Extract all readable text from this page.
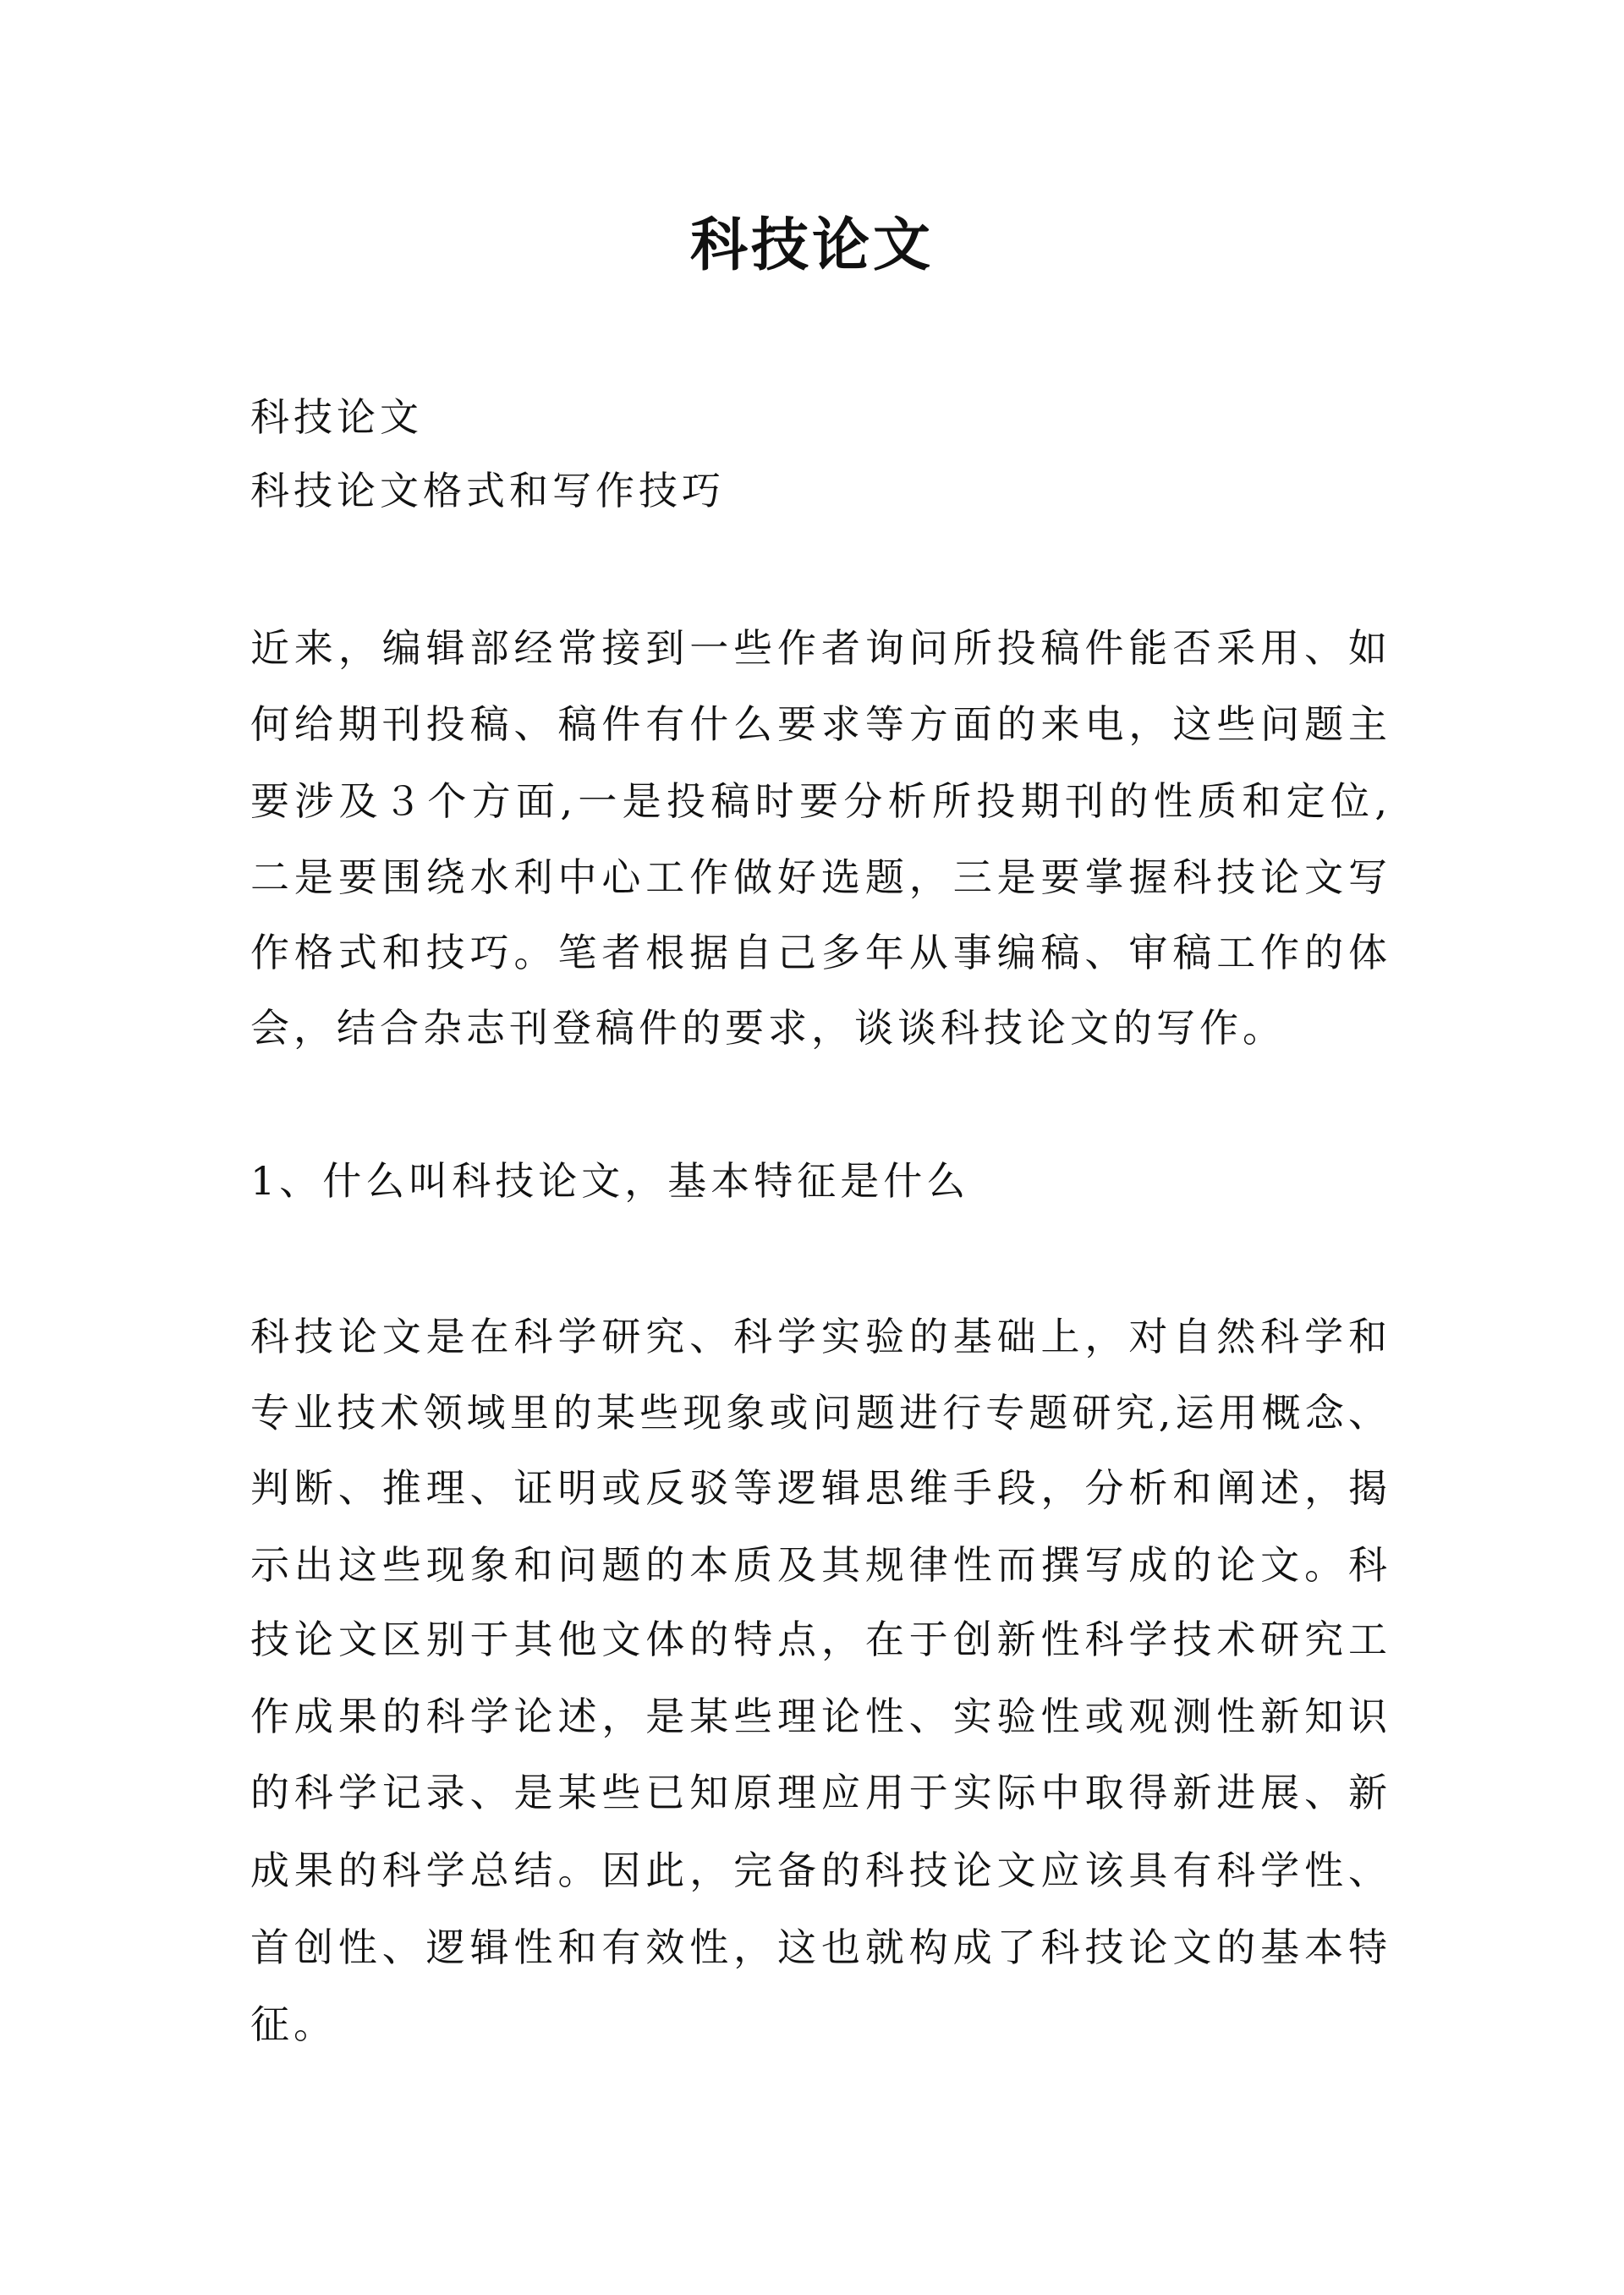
科技论文
科技论文
科技论文格式和写作技巧
近来，编辑部经常接到一些作者询问所投稿件能否采用、如
何给期刊投稿、稿件有什么要求等方面的来电，这些问题主
要涉及３个方面,一是投稿时要分析所投期刊的性质和定位,
二是要围绕水利中心工作做好选题，三是要掌握科技论文写
作格式和技巧。笔者根据自己多年从事编稿、审稿工作的体
会，结合杂志刊登稿件的要求，谈谈科技论文的写作。
1、什么叫科技论文，基本特征是什么
科技论文是在科学研究、科学实验的基础上，对自然科学和
专业技术领域里的某些现象或问题进行专题研究,运用概念、
判断、推理、证明或反驳等逻辑思维手段，分析和阐述，揭
示出这些现象和问题的本质及其规律性而撰写成的论文。科
技论文区别于其他文体的特点，在于创新性科学技术研究工
作成果的科学论述，是某些理论性、实验性或观测性新知识
的科学记录、是某些已知原理应用于实际中取得新进展、新
成果的科学总结。因此，完备的科技论文应该具有科学性、
首创性、逻辑性和有效性，这也就构成了科技论文的基本特
征。
